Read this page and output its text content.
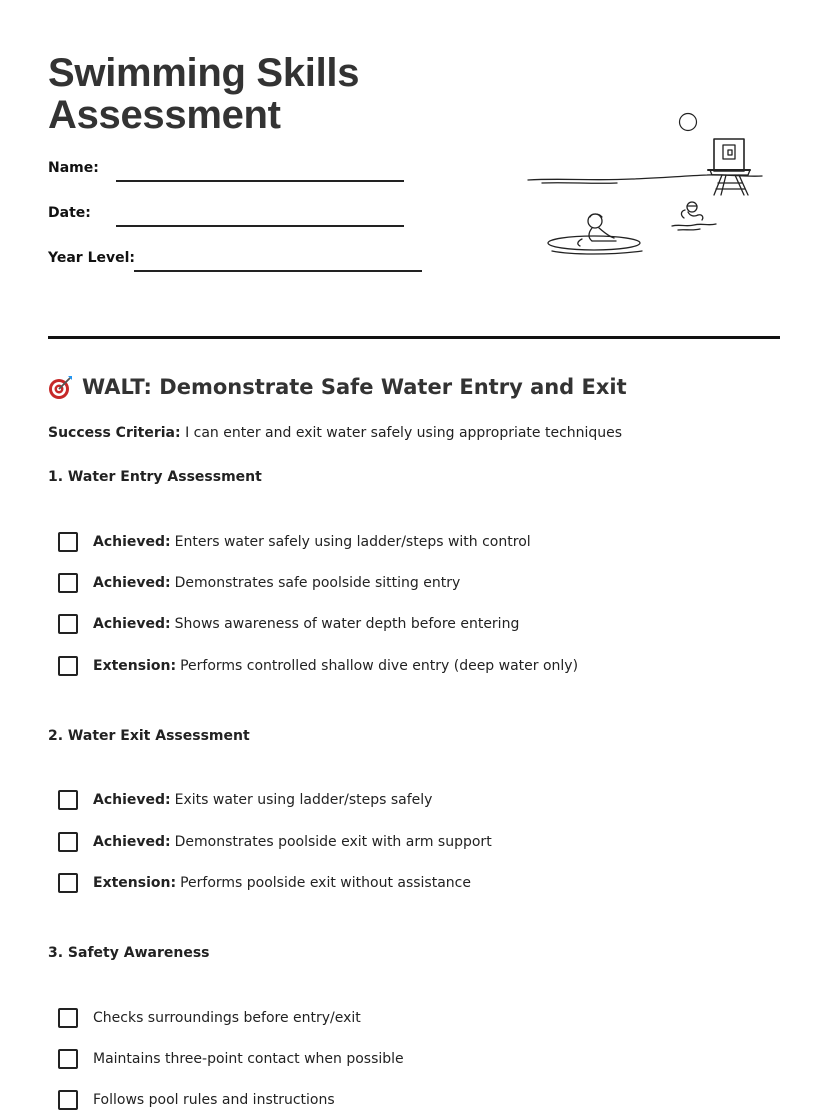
Swimming Skills
Assessment
Name:
Date:
Year Level:
WALT: Demonstrate Safe Water Entry and Exit
Success Criteria: I can enter and exit water safely using appropriate techniques
1. Water Entry Assessment
Achieved: Enters water safely using ladder/steps with control
Achieved: Demonstrates safe poolside sitting entry
Achieved: Shows awareness of water depth before entering
Extension: Performs controlled shallow dive entry (deep water only)
2. Water Exit Assessment
Achieved: Exits water using ladder/steps safely
Achieved: Demonstrates poolside exit with arm support
Extension: Performs poolside exit without assistance
3. Safety Awareness
Checks surroundings before entry/exit
Maintains three-point contact when possible
Follows pool rules and instructions
